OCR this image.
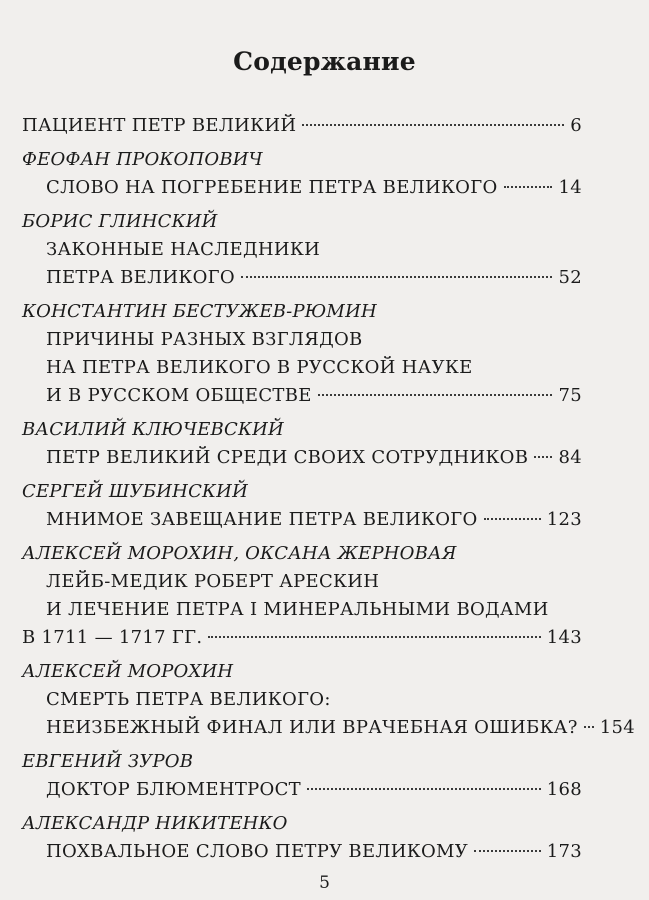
Содержание
ПАЦИЕНТ ПЕТР ВЕЛИКИЙ	6
ФЕОФАН ПРОКОПОВИЧ
СЛОВО НА ПОГРЕБЕНИЕ ПЕТРА ВЕЛИКОГО	14
БОРИС ГЛИНСКИЙ
ЗАКОННЫЕ НАСЛЕДНИКИ
ПЕТРА ВЕЛИКОГО	52
КОНСТАНТИН БЕСТУЖЕВ-РЮМИН
ПРИЧИНЫ РАЗНЫХ ВЗГЛЯДОВ
НА ПЕТРА ВЕЛИКОГО В РУССКОЙ НАУКЕ
И В РУССКОМ ОБЩЕСТВЕ	75
ВАСИЛИЙ КЛЮЧЕВСКИЙ
ПЕТР ВЕЛИКИЙ СРЕДИ СВОИХ СОТРУДНИКОВ 84
СЕРГЕЙ ШУБИНСКИЙ
МНИМОЕ ЗАВЕЩАНИЕ ПЕТРА ВЕЛИКОГО	123
АЛЕКСЕЙ МОРОХИН, ОКСАНА ЖЕРНОВАЯ
ЛЕЙБ-МЕДИК РОБЕРТ АРЕСКИН
И ЛЕЧЕНИЕ ПЕТРА I МИНЕРАЛЬНЫМИ ВОДАМИ
В 1711 — 1717 ГГ.	143
АЛЕКСЕЙ МОРОХИН
СМЕРТЬ ПЕТРА ВЕЛИКОГО:
НЕИЗБЕЖНЫЙ ФИНАЛ ИЛИ ВРАЧЕБНАЯ ОШИБКА? 154
ЕВГЕНИЙ ЗУРОВ
ДОКТОР БЛЮМЕНТРОСТ	168
АЛЕКСАНДР НИКИТЕНКО
ПОХВАЛЬНОЕ СЛОВО ПЕТРУ ВЕЛИКОМУ	173
5
